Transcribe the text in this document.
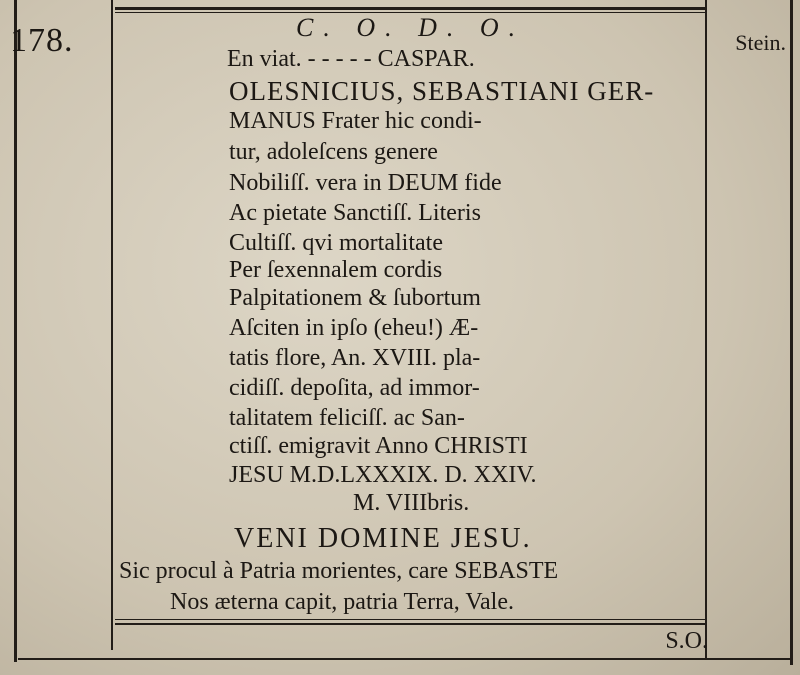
178.	Stein.
C. O. D. O.
En viat. - - - - - CASPAR.
OLESNICIUS, SEBASTIANI GER-
MANUS Frater hic condi-
tur, adoleſcens genere
Nobiliſſ. vera in DEUM fide
Ac pietate Sanctiſſ. Literis
Cultiſſ. qvi mortalitate
Per ſexennalem cordis
Palpitationem & ſubortum
Aſciten in ipſo (eheu!) Æ-
tatis flore, An. XVIII. pla-
cidiſſ. depoſita, ad immor-
talitatem feliciſſ. ac San-
ctiſſ. emigravit Anno CHRISTI
JESU M.D.LXXXIX. D. XXIV.
M. VIIIbris.
VENI DOMINE JESU.
Sic procul à Patria morientes, care SEBASTE
Nos æterna capit, patria Terra, Vale.
S.O.
